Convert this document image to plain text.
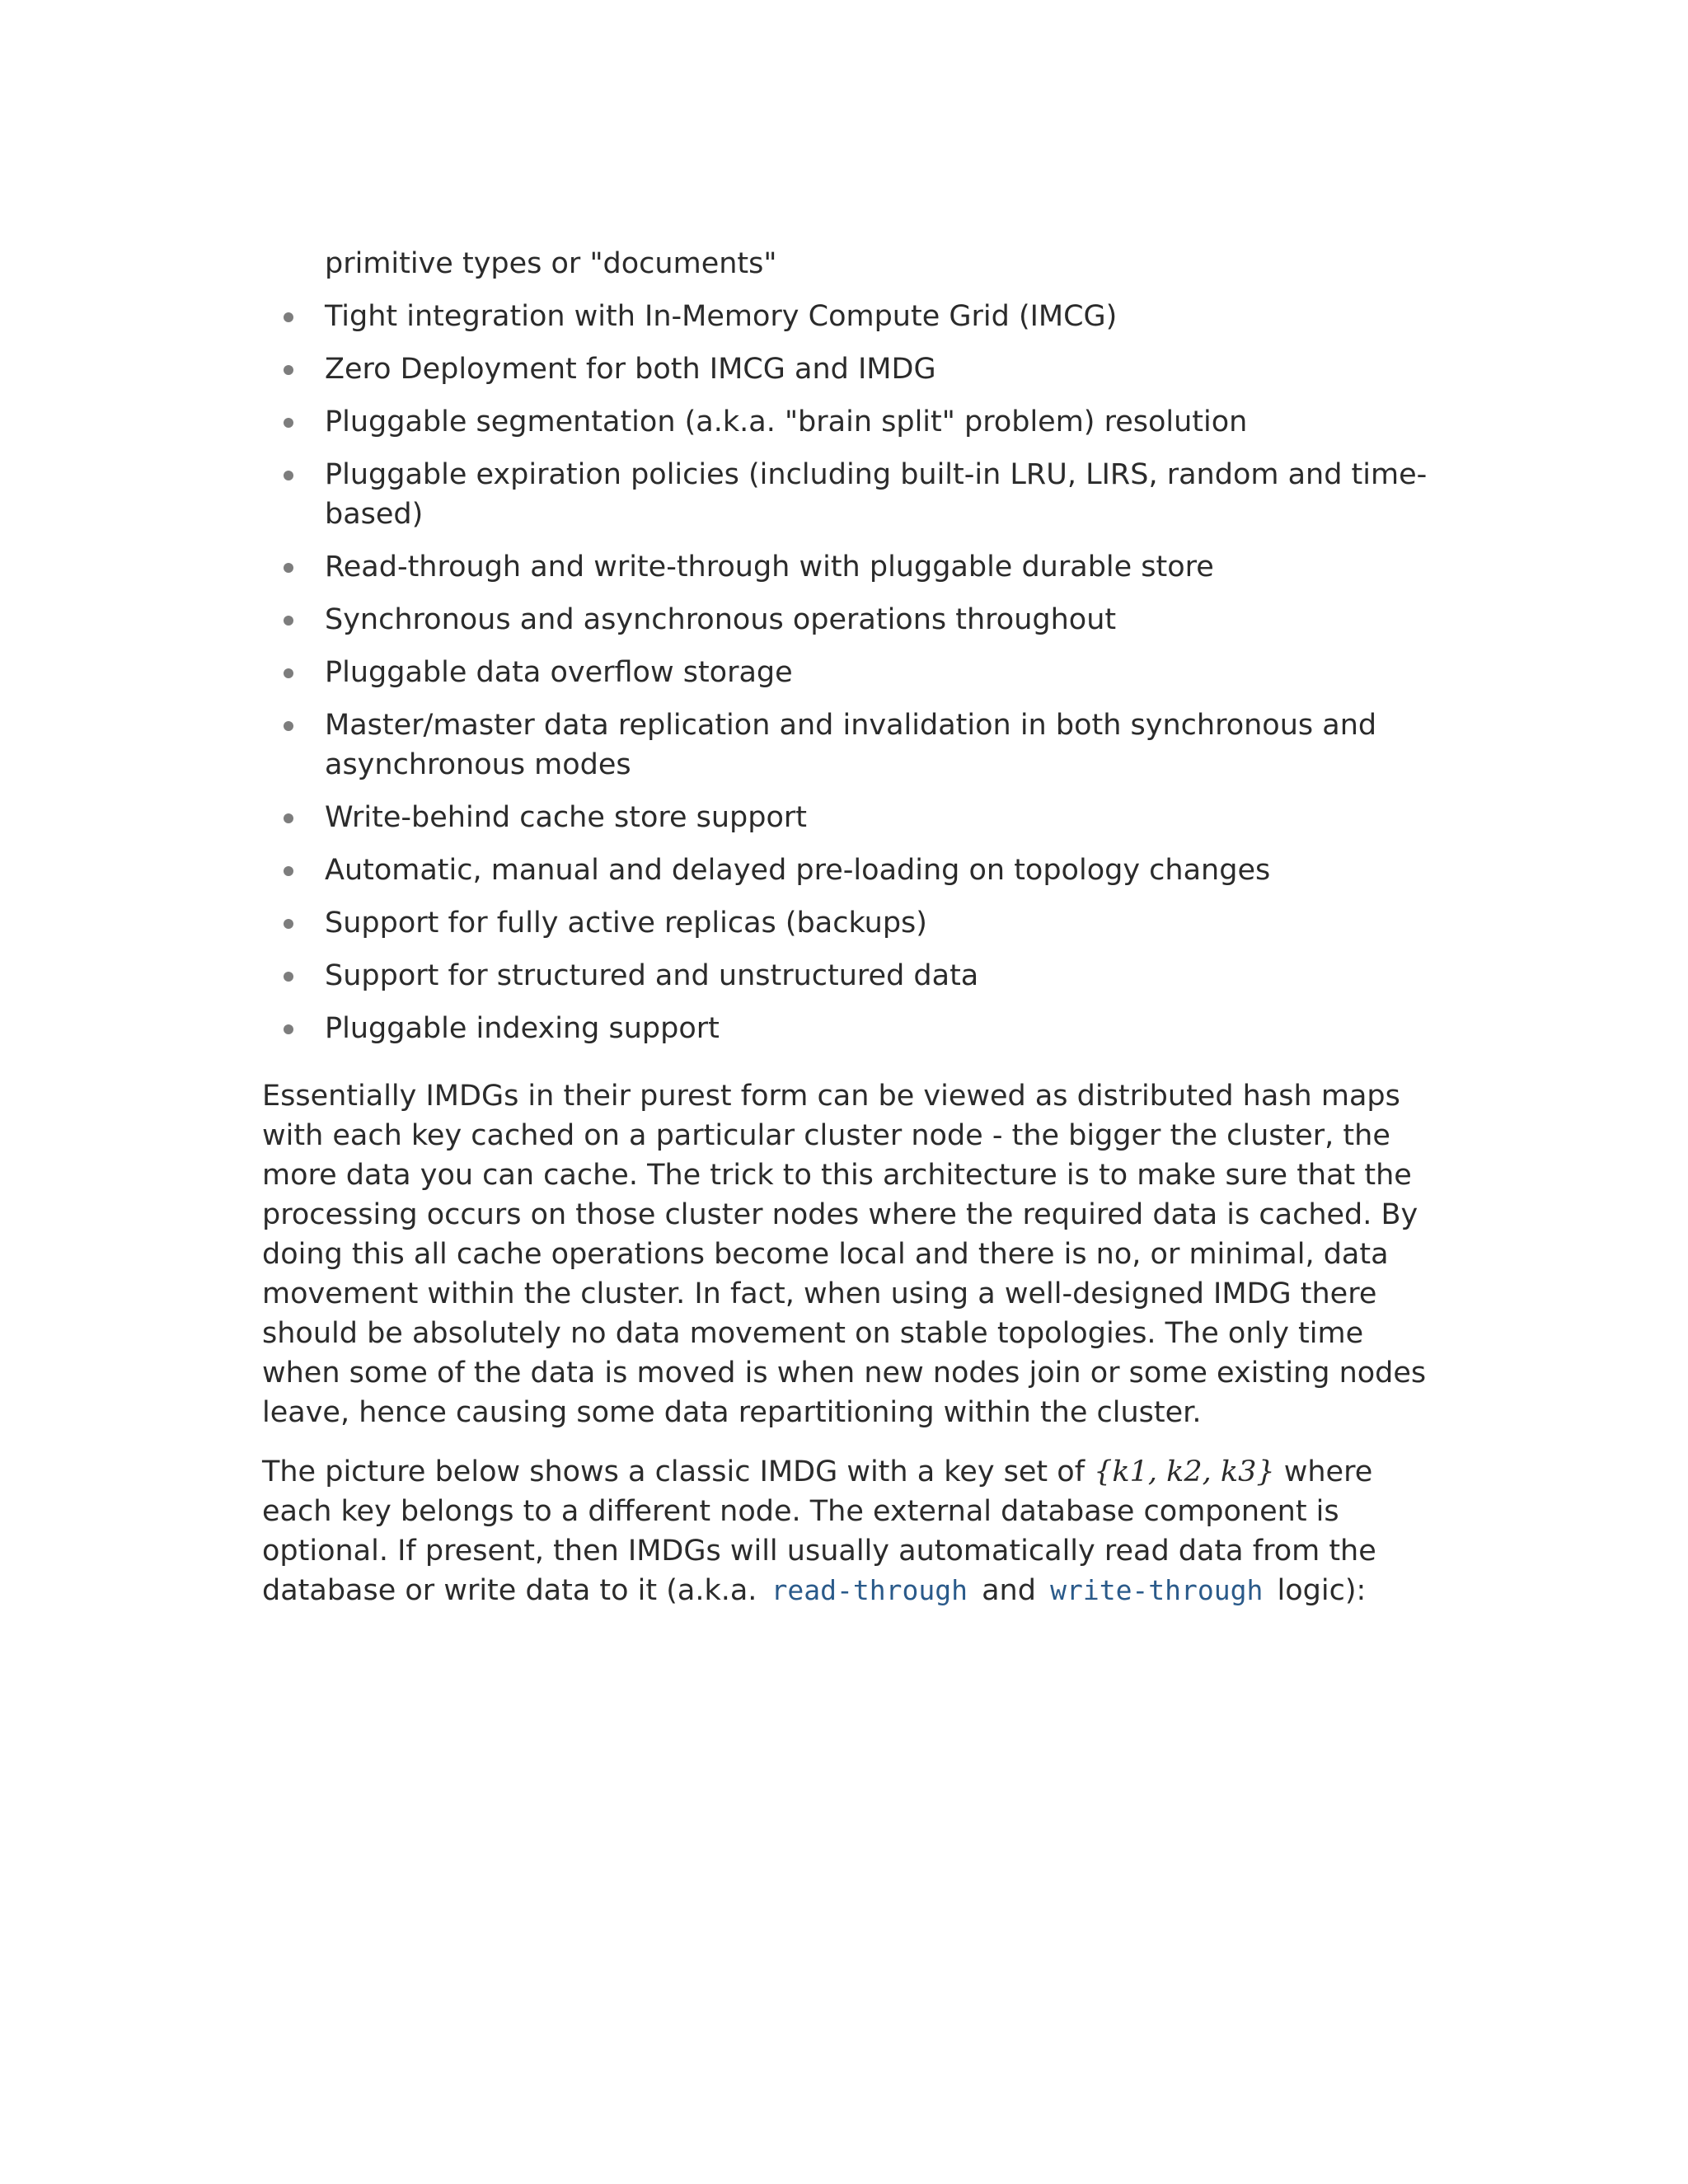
primitive types or "documents"
Tight integration with In-Memory Compute Grid (IMCG)
Zero Deployment for both IMCG and IMDG
Pluggable segmentation (a.k.a. "brain split" problem) resolution
Pluggable expiration policies (including built-in LRU, LIRS, random and time-based)
Read-through and write-through with pluggable durable store
Synchronous and asynchronous operations throughout
Pluggable data overflow storage
Master/master data replication and invalidation in both synchronous and asynchronous modes
Write-behind cache store support
Automatic, manual and delayed pre-loading on topology changes
Support for fully active replicas (backups)
Support for structured and unstructured data
Pluggable indexing support

Essentially IMDGs in their purest form can be viewed as distributed hash maps with each key cached on a particular cluster node - the bigger the cluster, the more data you can cache. The trick to this architecture is to make sure that the processing occurs on those cluster nodes where the required data is cached. By doing this all cache operations become local and there is no, or minimal, data movement within the cluster. In fact, when using a well-designed IMDG there should be absolutely no data movement on stable topologies. The only time when some of the data is moved is when new nodes join or some existing nodes leave, hence causing some data repartitioning within the cluster.

The picture below shows a classic IMDG with a key set of {k1, k2, k3} where each key belongs to a different node. The external database component is optional. If present, then IMDGs will usually automatically read data from the database or write data to it (a.k.a. read-through and write-through logic):
